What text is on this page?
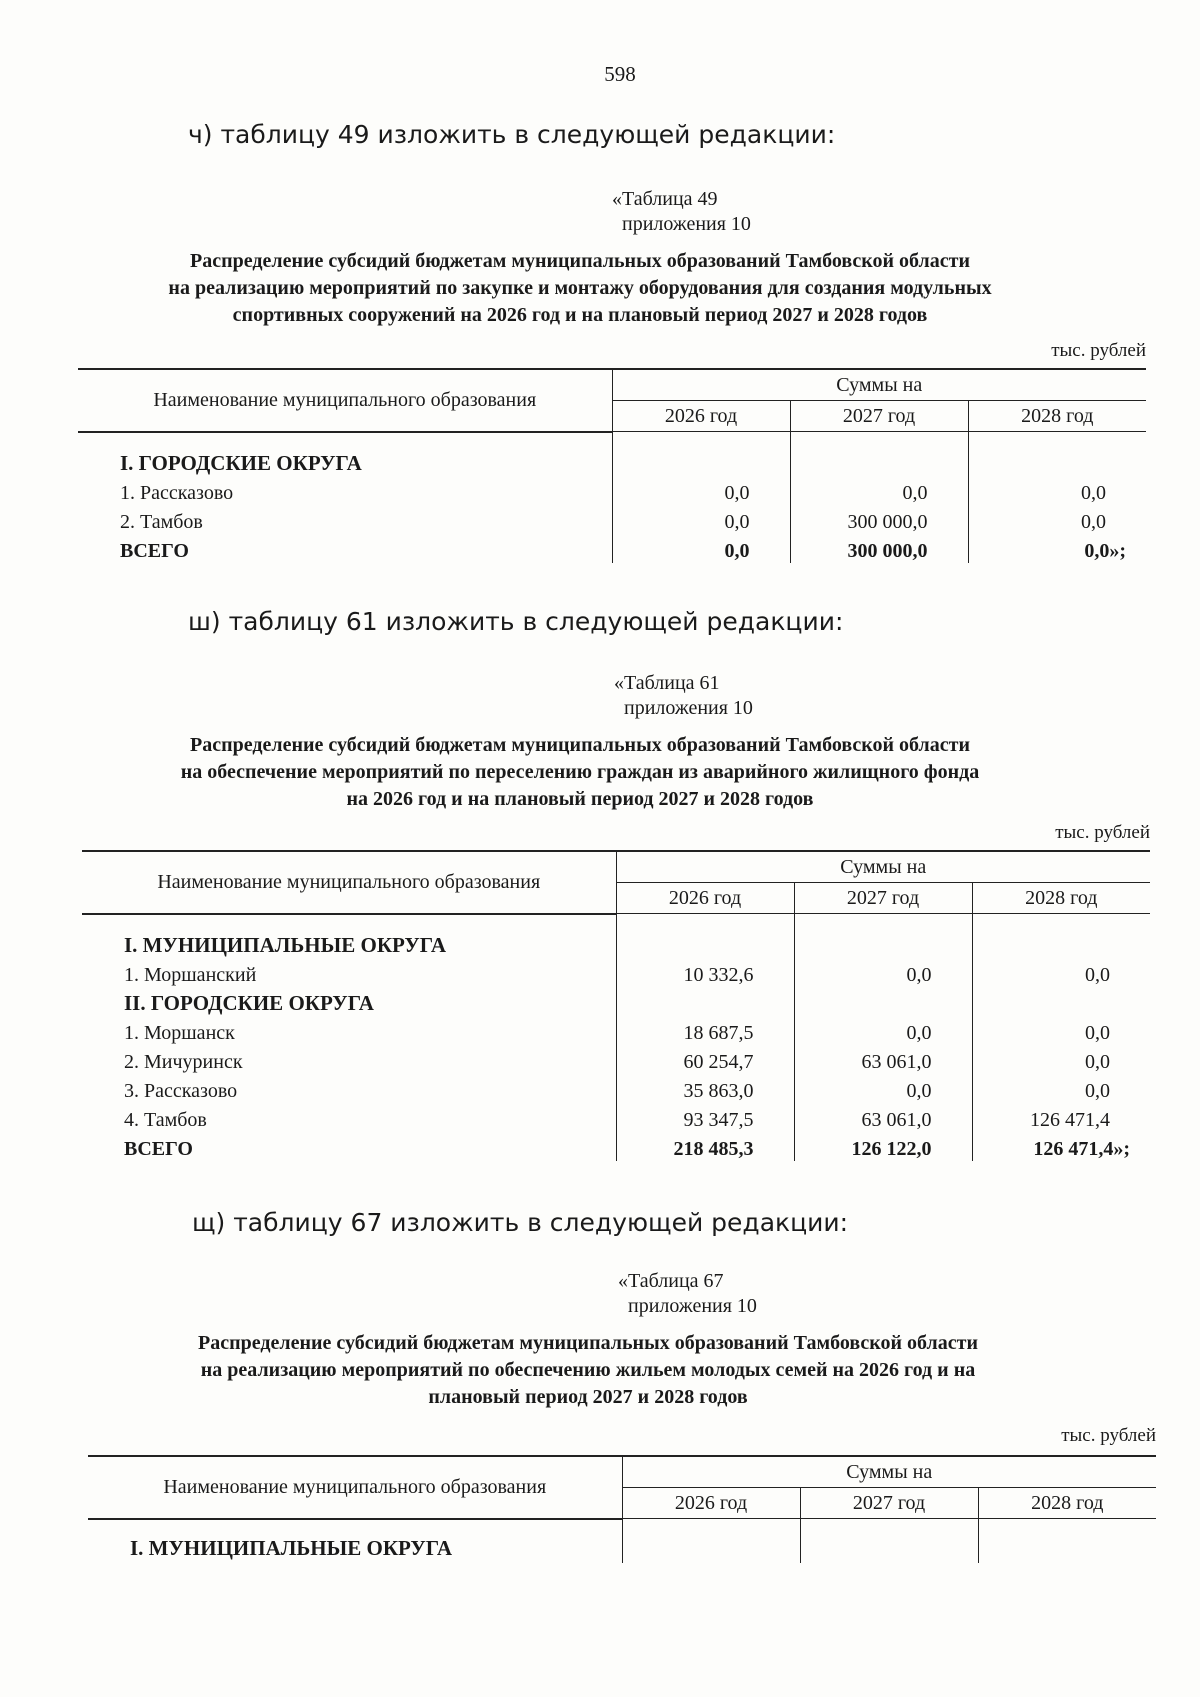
598
ч) таблицу 49 изложить в следующей редакции:
«Таблица 49
приложения 10
Распределение субсидий бюджетам муниципальных образований Тамбовской области
на реализацию мероприятий по закупке и монтажу оборудования для создания модульных
спортивных сооружений на 2026 год и на плановый период 2027 и 2028 годов
тыс. рублей
Наименование муниципального образования	Суммы на		
	2026 год	2027 год	2028 год

I. ГОРОДСКИЕ ОКРУГА			
1. Рассказово	0,0	0,0	0,0
2. Тамбов	0,0	300 000,0	0,0
ВСЕГО	0,0	300 000,0	0,0»;
ш) таблицу 61 изложить в следующей редакции:
«Таблица 61
приложения 10
Распределение субсидий бюджетам муниципальных образований Тамбовской области
на обеспечение мероприятий по переселению граждан из аварийного жилищного фонда
на 2026 год и на плановый период 2027 и 2028 годов
тыс. рублей
Наименование муниципального образования	Суммы на		
	2026 год	2027 год	2028 год

I. МУНИЦИПАЛЬНЫЕ ОКРУГА			
1. Моршанский	10 332,6	0,0	0,0
II. ГОРОДСКИЕ ОКРУГА			
1. Моршанск	18 687,5	0,0	0,0
2. Мичуринск	60 254,7	63 061,0	0,0
3. Рассказово	35 863,0	0,0	0,0
4. Тамбов	93 347,5	63 061,0	126 471,4
ВСЕГО	218 485,3	126 122,0	126 471,4»;
щ) таблицу 67 изложить в следующей редакции:
«Таблица 67
приложения 10
Распределение субсидий бюджетам муниципальных образований Тамбовской области
на реализацию мероприятий по обеспечению жильем молодых семей на 2026 год и на
плановый период 2027 и 2028 годов
тыс. рублей
Наименование муниципального образования	Суммы на		
	2026 год	2027 год	2028 год

I. МУНИЦИПАЛЬНЫЕ ОКРУГА			
